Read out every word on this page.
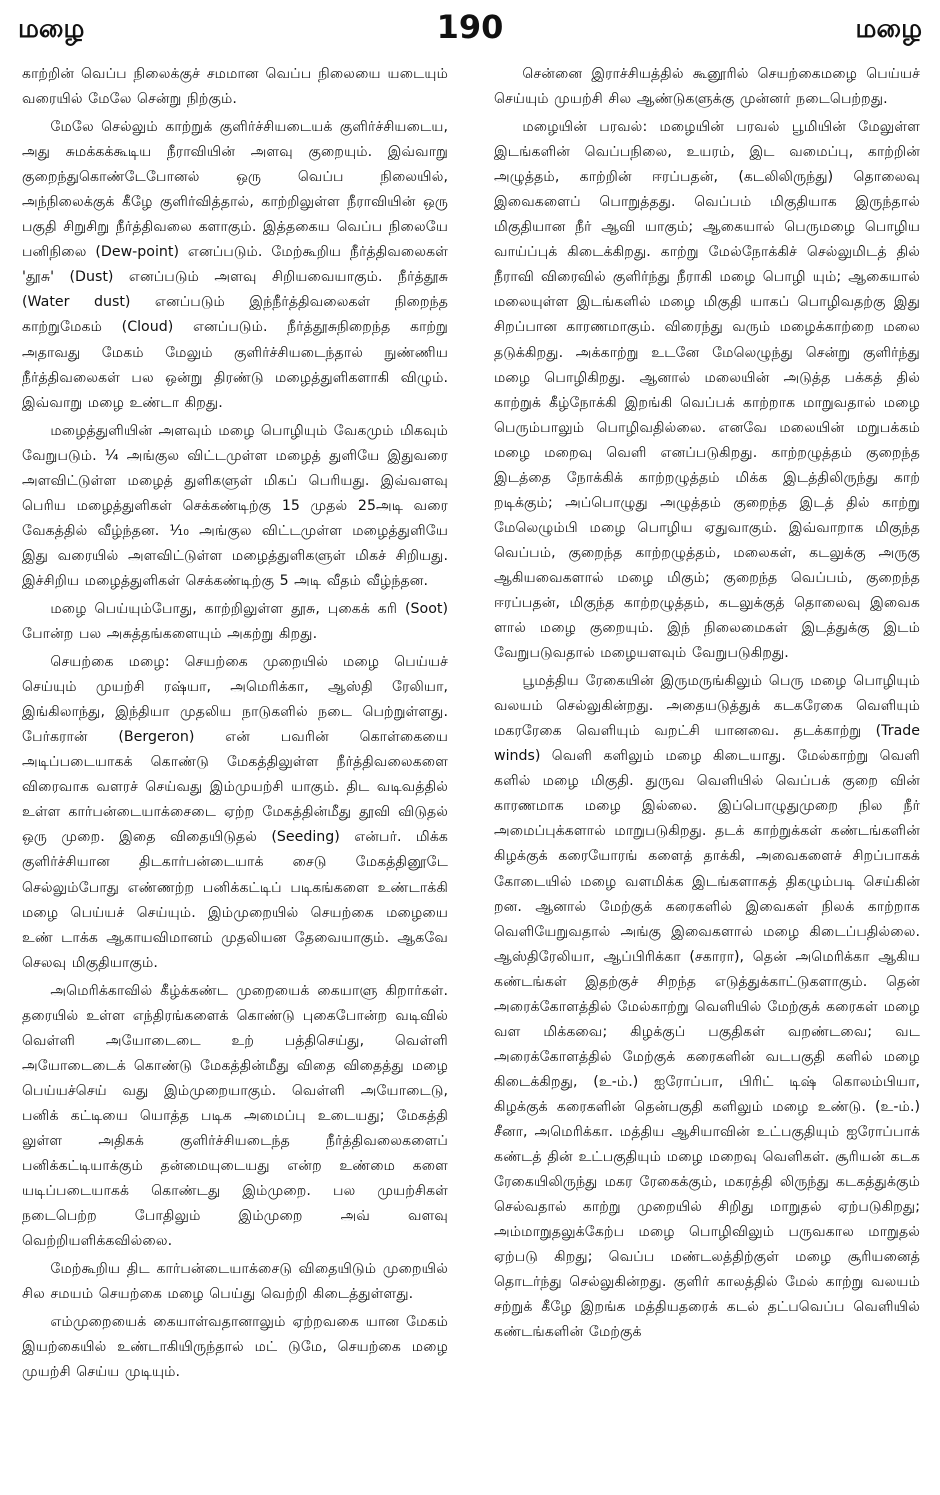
மழை	190	மழை

காற்றின் வெப்ப நிலைக்குச் சமமான வெப்ப நிலையை யடையும் வரையில் மேலே சென்று நிற்கும்.

மேலே செல்லும் காற்றுக் குளிர்ச்சியடையக் குளிர்ச்சியடைய, அது சுமக்கக்கூடிய நீராவியின் அளவு குறையும். இவ்வாறு குறைந்துகொண்டேபோனல் ஒரு வெப்ப நிலையில், அந்நிலைக்குக் கீழே குளிர்வித்தால், காற்றிலுள்ள நீராவியின் ஒரு பகுதி சிறுசிறு நீர்த்திவலை களாகும். இத்தகைய வெப்ப நிலையே பனிநிலை (Dew-point) எனப்படும். மேற்கூறிய நீர்த்திவலைகள் 'தூசு' (Dust) எனப்படும் அளவு சிறியவையாகும். நீர்த்தூசு (Water dust) எனப்படும் இந்நீர்த்திவலைகள் நிறைந்த காற்றுமேகம் (Cloud) எனப்படும். நீர்த்தூசுநிறைந்த காற்று அதாவது மேகம் மேலும் குளிர்ச்சியடைந்தால் நுண்ணிய நீர்த்திவலைகள் பல ஒன்று திரண்டு மழைத்துளிகளாகி விழும். இவ்வாறு மழை உண்டா கிறது.

மழைத்துளியின் அளவும் மழை பொழியும் வேகமும் மிகவும் வேறுபடும். ¼ அங்குல விட்டமுள்ள மழைத் துளியே இதுவரை அளவிட்டுள்ள மழைத் துளிகளுள் மிகப் பெரியது. இவ்வளவு பெரிய மழைத்துளிகள் செக்கண்டிற்கு 15 முதல் 25அடி வரை வேகத்தில் வீழ்ந்தன. ¹⁄₁₀ அங்குல விட்டமுள்ள மழைத்துளியே இது வரையில் அளவிட்டுள்ள மழைத்துளிகளுள் மிகச் சிறியது. இச்சிறிய மழைத்துளிகள் செக்கண்டிற்கு 5 அடி வீதம் வீழ்ந்தன.

மழை பெய்யும்போது, காற்றிலுள்ள தூசு, புகைக் கரி (Soot) போன்ற பல அசுத்தங்களையும் அகற்று கிறது.

செயற்கை மழை: செயற்கை முறையில் மழை பெய்யச் செய்யும் முயற்சி ரஷ்யா, அமெரிக்கா, ஆஸ்தி ரேலியா, இங்கிலாந்து, இந்தியா முதலிய நாடுகளில் நடை பெற்றுள்ளது. பேர்கரான் (Bergeron) என் பவரின் கொள்கையை அடிப்படையாகக் கொண்டு மேகத்திலுள்ள நீர்த்திவலைகளை விரைவாக வளரச் செய்வது இம்முயற்சி யாகும். திட வடிவத்தில் உள்ள கார்பன்டையாக்சைடை ஏற்ற மேகத்தின்மீது தூவி விடுதல் ஒரு முறை. இதை விதையிடுதல் (Seeding) என்பர். மிக்க குளிர்ச்சியான திடகார்பன்டையாக் சைடு மேகத்தினூடே செல்லும்போது எண்ணற்ற பனிக்கட்டிப் படிகங்களை உண்டாக்கி மழை பெய்யச் செய்யும். இம்முறையில் செயற்கை மழையை உண் டாக்க ஆகாயவிமானம் முதலியன தேவையாகும். ஆகவே செலவு மிகுதியாகும்.

அமெரிக்காவில் கீழ்க்கண்ட முறையைக் கையாளு கிறார்கள். தரையில் உள்ள எந்திரங்களைக் கொண்டு புகைபோன்ற வடிவில் வெள்ளி அயோடைடை உற் பத்திசெய்து, வெள்ளி அயோடைடைக் கொண்டு மேகத்தின்மீது விதை விதைத்து மழை பெய்யச்செய் வது இம்முறையாகும். வெள்ளி அயோடைடு, பனிக் கட்டியை யொத்த படிக அமைப்பு உடையது; மேகத்தி லுள்ள அதிகக் குளிர்ச்சியடைந்த நீர்த்திவலைகளைப் பனிக்கட்டியாக்கும் தன்மையுடையது என்ற உண்மை களை யடிப்படையாகக் கொண்டது இம்முறை. பல முயற்சிகள் நடைபெற்ற போதிலும் இம்முறை அவ் வளவு வெற்றியளிக்கவில்லை.

மேற்கூறிய திட கார்பன்டையாக்சைடு விதையிடும் முறையில் சில சமயம் செயற்கை மழை பெய்து வெற்றி கிடைத்துள்ளது.

எம்முறையைக் கையாள்வதானாலும் ஏற்றவகை யான மேகம் இயற்கையில் உண்டாகியிருந்தால் மட் டுமே, செயற்கை மழை முயற்சி செய்ய முடியும்.

சென்னை இராச்சியத்தில் கூனூரில் செயற்கைமழை பெய்யச் செய்யும் முயற்சி சில ஆண்டுகளுக்கு முன்னர் நடைபெற்றது.

மழையின் பரவல்: மழையின் பரவல் பூமியின் மேலுள்ள இடங்களின் வெப்பநிலை, உயரம், இட வமைப்பு, காற்றின் அழுத்தம், காற்றின் ஈரப்பதன், (கடலிலிருந்து) தொலைவு இவைகளைப் பொறுத்தது. வெப்பம் மிகுதியாக இருந்தால் மிகுதியான நீர் ஆவி யாகும்; ஆகையால் பெருமழை பொழிய வாய்ப்புக் கிடைக்கிறது. காற்று மேல்நோக்கிச் செல்லுமிடத் தில் நீராவி விரைவில் குளிர்ந்து நீராகி மழை பொழி யும்; ஆகையால் மலையுள்ள இடங்களில் மழை மிகுதி யாகப் பொழிவதற்கு இது சிறப்பான காரணமாகும். விரைந்து வரும் மழைக்காற்றை மலை தடுக்கிறது. அக்காற்று உடனே மேலெழுந்து சென்று குளிர்ந்து மழை பொழிகிறது. ஆனால் மலையின் அடுத்த பக்கத் தில் காற்றுக் கீழ்நோக்கி இறங்கி வெப்பக் காற்றாக மாறுவதால் மழை பெரும்பாலும் பொழிவதில்லை. எனவே மலையின் மறுபக்கம் மழை மறைவு வெளி எனப்படுகிறது. காற்றழுத்தம் குறைந்த இடத்தை நோக்கிக் காற்றழுத்தம் மிக்க இடத்திலிருந்து காற் றடிக்கும்; அப்பொழுது அழுத்தம் குறைந்த இடத் தில் காற்று மேலெழும்பி மழை பொழிய ஏதுவாகும். இவ்வாறாக மிகுந்த வெப்பம், குறைந்த காற்றழுத்தம், மலைகள், கடலுக்கு அருகு ஆகியவைகளால் மழை மிகும்; குறைந்த வெப்பம், குறைந்த ஈரப்பதன், மிகுந்த காற்றழுத்தம், கடலுக்குத் தொலைவு இவைக ளால் மழை குறையும். இந் நிலைமைகள் இடத்துக்கு இடம் வேறுபடுவதால் மழையளவும் வேறுபடுகிறது.

பூமத்திய ரேகையின் இருமருங்கிலும் பெரு மழை பொழியும் வலயம் செல்லுகின்றது. அதையடுத்துக் கடகரேகை வெளியும் மகரரேகை வெளியும் வறட்சி யானவை. தடக்காற்று (Trade winds) வெளி களிலும் மழை கிடையாது. மேல்காற்று வெளி களில் மழை மிகுதி. துருவ வெளியில் வெப்பக் குறை வின் காரணமாக மழை இல்லை. இப்பொழுதுமுறை நில நீர் அமைப்புக்களால் மாறுபடுகிறது. தடக் காற்றுக்கள் கண்டங்களின் கிழக்குக் கரையோரங் களைத் தாக்கி, அவைகளைச் சிறப்பாகக் கோடையில் மழை வளமிக்க இடங்களாகத் திகழும்படி செய்கின் றன. ஆனால் மேற்குக் கரைகளில் இவைகள் நிலக் காற்றாக வெளியேறுவதால் அங்கு இவைகளால் மழை கிடைப்பதில்லை. ஆஸ்திரேலியா, ஆப்பிரிக்கா (சகாரா), தென் அமெரிக்கா ஆகிய கண்டங்கள் இதற்குச் சிறந்த எடுத்துக்காட்டுகளாகும். தென் அரைக்கோளத்தில் மேல்காற்று வெளியில் மேற்குக் கரைகள் மழை வள மிக்கவை; கிழக்குப் பகுதிகள் வறண்டவை; வட அரைக்கோளத்தில் மேற்குக் கரைகளின் வடபகுதி களில் மழை கிடைக்கிறது, (உ-ம்.) ஐரோப்பா, பிரிட் டிஷ் கொலம்பியா, கிழக்குக் கரைகளின் தென்பகுதி களிலும் மழை உண்டு. (உ-ம்.) சீனா, அமெரிக்கா. மத்திய ஆசியாவின் உட்பகுதியும் ஐரோப்பாக் கண்டத் தின் உட்பகுதியும் மழை மறைவு வெளிகள். சூரியன் கடக ரேகையிலிருந்து மகர ரேகைக்கும், மகரத்தி லிருந்து கடகத்துக்கும் செல்வதால் காற்று முறையில் சிறிது மாறுதல் ஏற்படுகிறது; அம்மாறுதலுக்கேற்ப மழை பொழிவிலும் பருவகால மாறுதல் ஏற்படு கிறது; வெப்ப மண்டலத்திற்குள் மழை சூரியனைத் தொடர்ந்து செல்லுகின்றது. குளிர் காலத்தில் மேல் காற்று வலயம் சற்றுக் கீழே இறங்க மத்தியதரைக் கடல் தட்பவெப்ப வெளியில் கண்டங்களின் மேற்குக்
